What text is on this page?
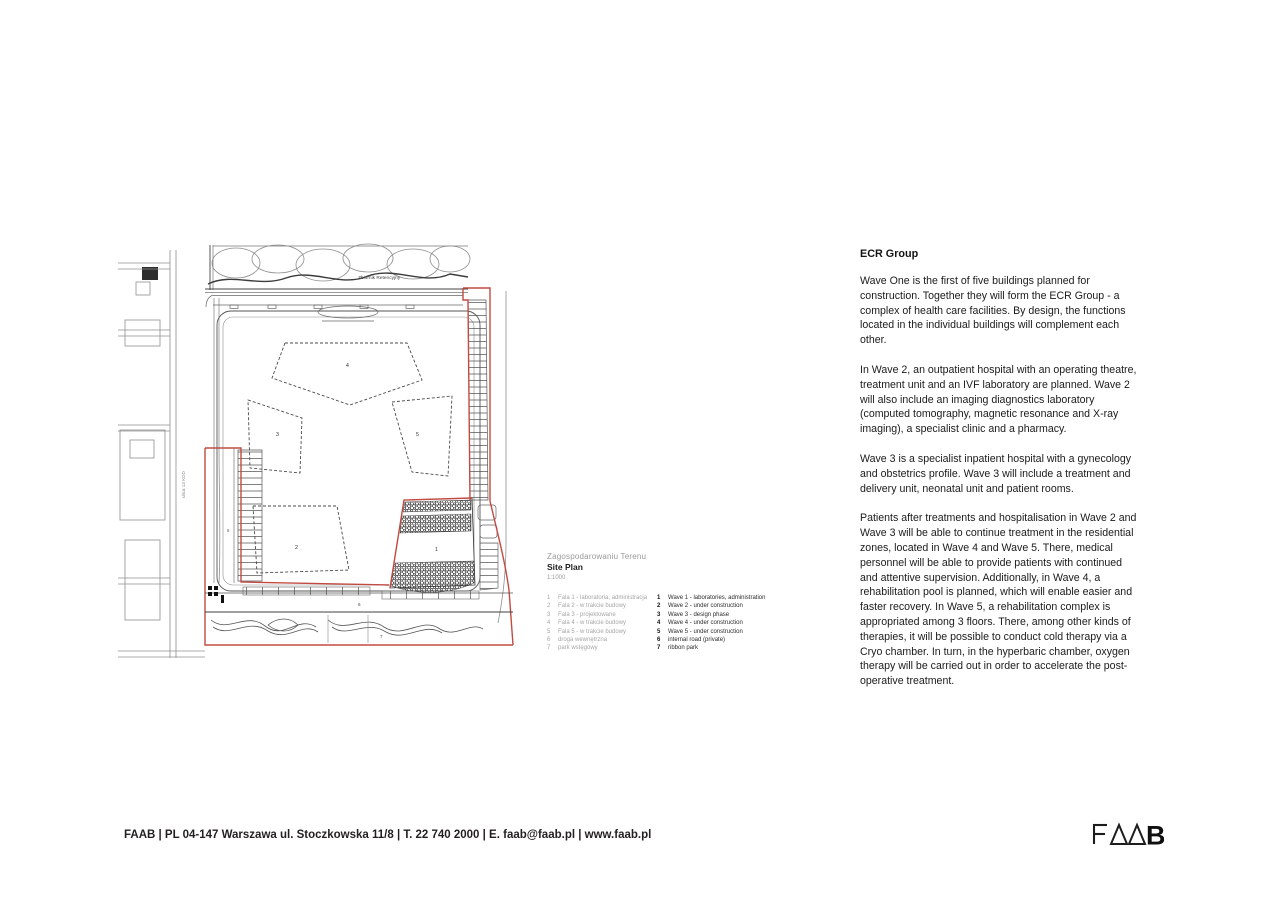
Zbiornik Retencyjny
4
3	5
2	1
6
6
7
ulica 13 KDD
Zagospodarowaniu Terenu
Site Plan
1:1000
1	Fala 1 - laboratoria, administracja
2	Fala 2 - w trakcie budowy
3	Fala 3 - projektowane
4	Fala 4 - w trakcie budowy
5	Fala 5 - w trakcie budowy
6	droga wewnętrzna
7	park wstęgowy
1	Wave 1 - laboratories, administration
2	Wave 2 - under construction
3	Wave 3 - design phase
4	Wave 4 - under construction
5	Wave 5 - under construction
6	internal road (private)
7	ribbon park
ECR Group

Wave One is the first of five buildings planned for construction. Together they will form the ECR Group - a complex of health care facilities. By design, the functions located in the individual buildings will complement each other.

In Wave 2, an outpatient hospital with an operating theatre, treatment unit and an IVF laboratory are planned. Wave 2 will also include an imaging diagnostics laboratory (computed tomography, magnetic resonance and X-ray imaging), a specialist clinic and a pharmacy.

Wave 3 is a specialist inpatient hospital with a gynecology and obstetrics profile. Wave 3 will include a treatment and delivery unit, neonatal unit and patient rooms.

Patients after treatments and hospitalisation in Wave 2 and Wave 3 will be able to continue treatment in the residential zones, located in Wave 4 and Wave 5. There, medical personnel will be able to provide patients with continued and attentive supervision. Additionally, in Wave 4, a rehabilitation pool is planned, which will enable easier and faster recovery. In Wave 5, a rehabilitation complex is appropriated among 3 floors. There, among other kinds of therapies, it will be possible to conduct cold therapy via a Cryo chamber. In turn, in the hyperbaric chamber, oxygen therapy will be carried out in order to accelerate the post-operative treatment.

FAAB | PL 04-147 Warszawa ul. Stoczkowska 11/8 | T. 22 740 2000 | E. faab@faab.pl | www.faab.pl	B
